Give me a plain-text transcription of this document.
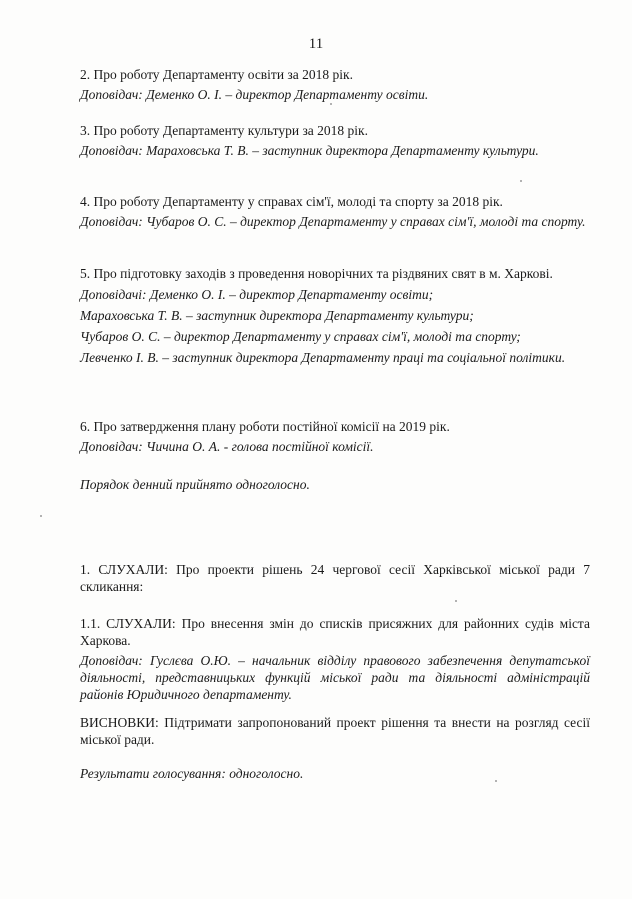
11

2. Про роботу Департаменту освіти за 2018 рік.

Доповідач: Деменко О. І. – директор Департаменту освіти.

3. Про роботу Департаменту культури за 2018 рік.

Доповідач: Мараховська Т. В. – заступник директора Департаменту культури.

4. Про роботу Департаменту у справах сім'ї, молоді та спорту за 2018 рік.

Доповідач: Чубаров О. С. – директор Департаменту у справах сім'ї, молоді та спорту.

5. Про підготовку заходів з проведення новорічних та різдвяних свят в м. Харкові.

Доповідачі: Деменко О. І. – директор Департаменту освіти;

Мараховська Т. В. – заступник директора Департаменту культури;

Чубаров О. С. – директор Департаменту у справах сім'ї, молоді та спорту;

Левченко І. В. – заступник директора Департаменту праці та соціальної політики.

6. Про затвердження плану роботи постійної комісії на 2019 рік.

Доповідач: Чичина О. А. - голова постійної комісії.

Порядок денний прийнято одноголосно.
1. СЛУХАЛИ: Про проекти рішень 24 чергової сесії Харківської міської ради 7 скликання:

1.1. СЛУХАЛИ: Про внесення змін до списків присяжних для районних судів міста Харкова.

Доповідач: Гуслєва О.Ю. – начальник відділу правового забезпечення депутатської діяльності, представницьких функцій міської ради та діяльності адміністрацій районів Юридичного департаменту.

ВИСНОВКИ: Підтримати запропонований проект рішення та внести на розгляд сесії міської ради.
Результати голосування: одноголосно.
